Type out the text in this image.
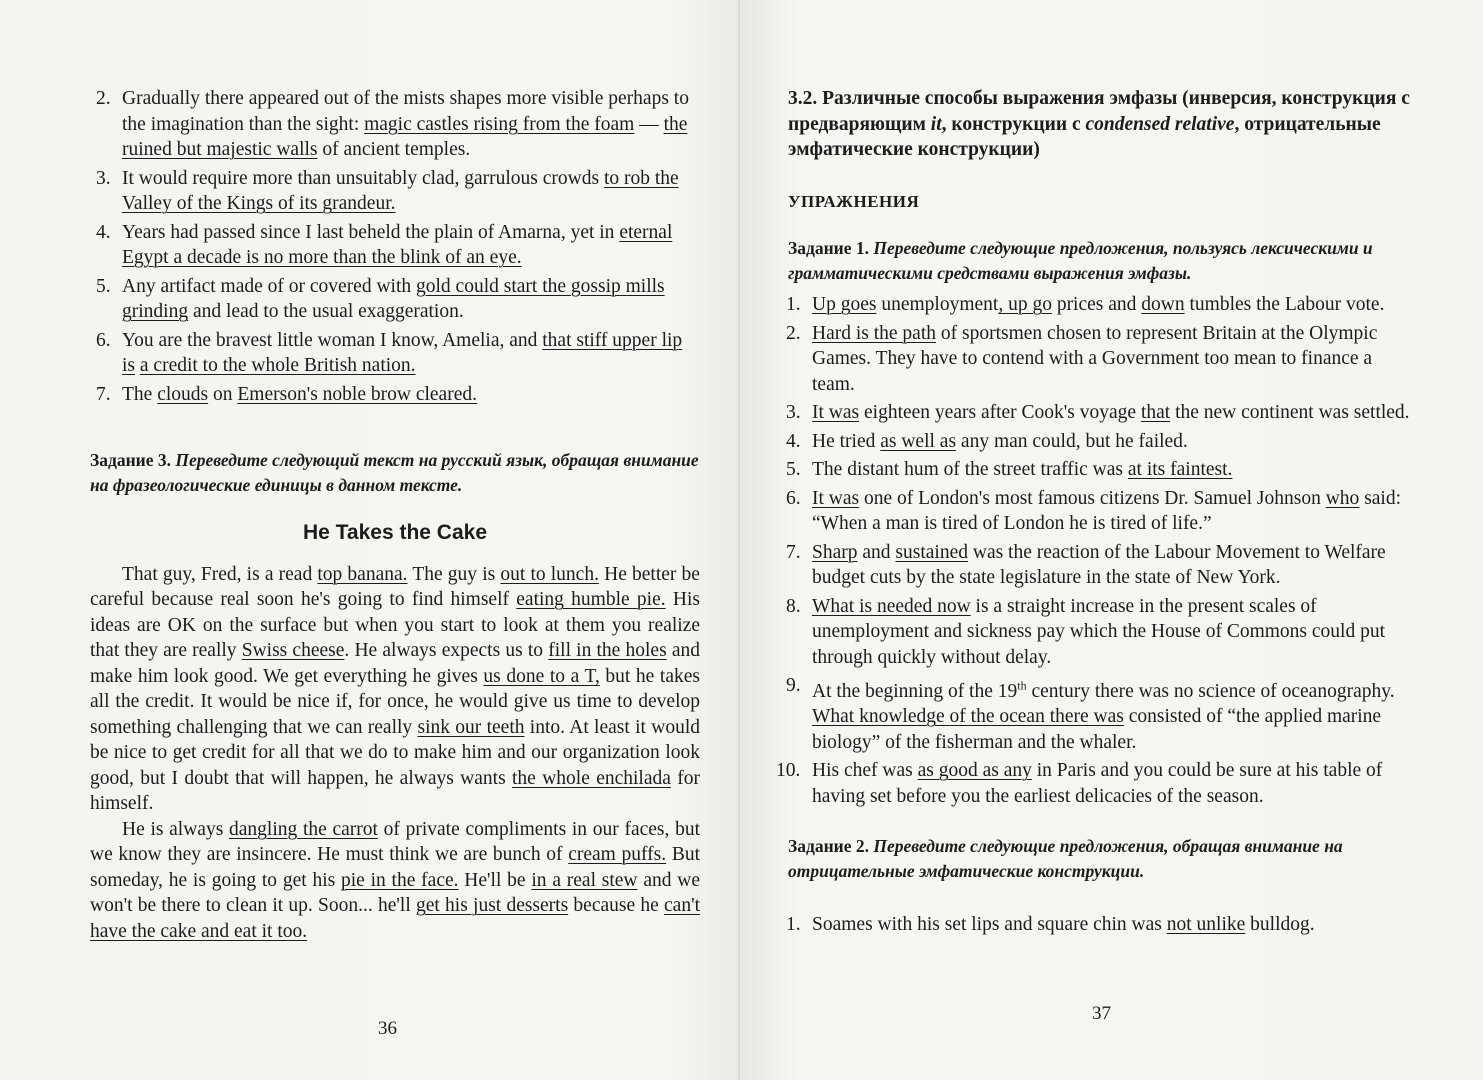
2. Gradually there appeared out of the mists shapes more visible perhaps to the imagination than the sight: magic castles rising from the foam — the ruined but majestic walls of ancient temples.
3. It would require more than unsuitably clad, garrulous crowds to rob the Valley of the Kings of its grandeur.
4. Years had passed since I last beheld the plain of Amarna, yet in eternal Egypt a decade is no more than the blink of an eye.
5. Any artifact made of or covered with gold could start the gossip mills grinding and lead to the usual exaggeration.
6. You are the bravest little woman I know, Amelia, and that stiff upper lip is a credit to the whole British nation.
7. The clouds on Emerson's noble brow cleared.

Задание 3. Переведите следующий текст на русский язык, обращая внимание на фразеологические единицы в данном тексте.

He Takes the Cake

That guy, Fred, is a read top banana. The guy is out to lunch. He better be careful because real soon he's going to find himself eating humble pie. His ideas are OK on the surface but when you start to look at them you realize that they are really Swiss cheese. He always expects us to fill in the holes and make him look good. We get everything he gives us done to a T, but he takes all the credit. It would be nice if, for once, he would give us time to develop something challenging that we can really sink our teeth into. At least it would be nice to get credit for all that we do to make him and our organization look good, but I doubt that will happen, he always wants the whole enchilada for himself.

He is always dangling the carrot of private compliments in our faces, but we know they are insincere. He must think we are bunch of cream puffs. But someday, he is going to get his pie in the face. He'll be in a real stew and we won't be there to clean it up. Soon... he'll get his just desserts because he can't have the cake and eat it too.

36

3.2. Различные способы выражения эмфазы (инверсия, конструкция с предваряющим it, конструкции с condensed relative, отрицательные эмфатические конструкции)

УПРАЖНЕНИЯ

Задание 1. Переведите следующие предложения, пользуясь лексическими и грамматическими средствами выражения эмфазы.

1. Up goes unemployment, up go prices and down tumbles the Labour vote.
2. Hard is the path of sportsmen chosen to represent Britain at the Olympic Games. They have to contend with a Government too mean to finance a team.
3. It was eighteen years after Cook's voyage that the new continent was settled.
4. He tried as well as any man could, but he failed.
5. The distant hum of the street traffic was at its faintest.
6. It was one of London's most famous citizens Dr. Samuel Johnson who said: “When a man is tired of London he is tired of life.”
7. Sharp and sustained was the reaction of the Labour Movement to Welfare budget cuts by the state legislature in the state of New York.
8. What is needed now is a straight increase in the present scales of unemployment and sickness pay which the House of Commons could put through quickly without delay.
9. At the beginning of the 19th century there was no science of oceanography. What knowledge of the ocean there was consisted of “the applied marine biology” of the fisherman and the whaler.
10. His chef was as good as any in Paris and you could be sure at his table of having set before you the earliest delicacies of the season.

Задание 2. Переведите следующие предложения, обращая внимание на отрицательные эмфатические конструкции.

1. Soames with his set lips and square chin was not unlike bulldog.
37
